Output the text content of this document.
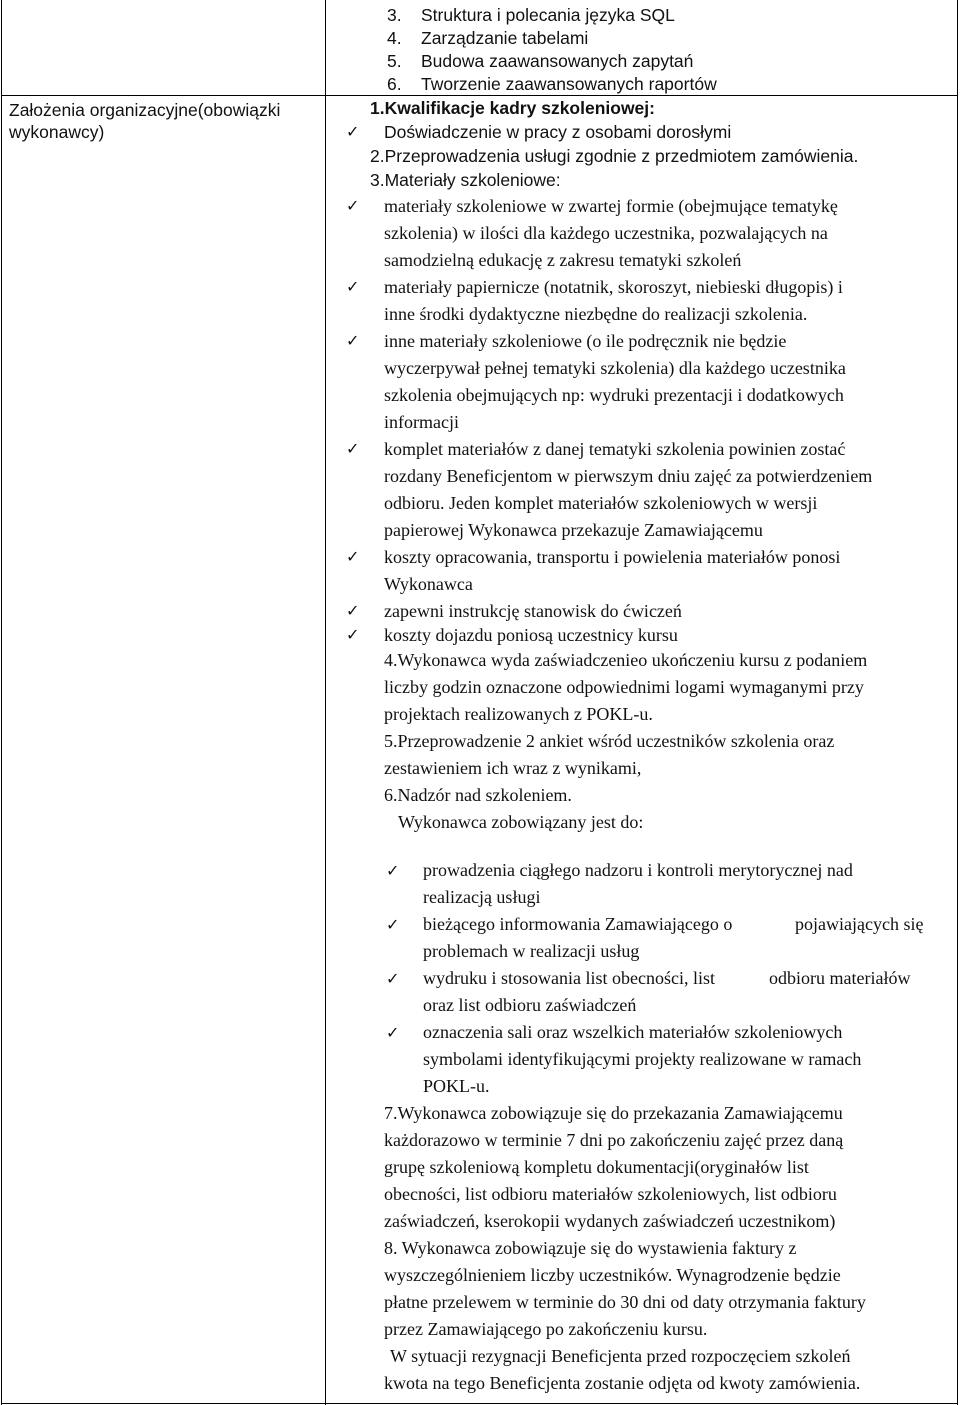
Założenia organizacyjne(obowiązki
wykonawcy)
3. Struktura i polecania języka SQL
4. Zarządzanie tabelami
5. Budowa zaawansowanych zapytań
6. Tworzenie zaawansowanych raportów
1.Kwalifikacje kadry szkoleniowej:
✓ Doświadczenie w pracy z osobami dorosłymi
2.Przeprowadzenia usługi zgodnie z przedmiotem zamówienia.
3.Materiały szkoleniowe:
✓ materiały szkoleniowe w zwartej formie (obejmujące tematykę
szkolenia) w ilości dla każdego uczestnika, pozwalających na
samodzielną edukację z zakresu tematyki szkoleń
✓ materiały papiernicze (notatnik, skoroszyt, niebieski długopis) i
inne środki dydaktyczne niezbędne do realizacji szkolenia.
✓ inne materiały szkoleniowe (o ile podręcznik nie będzie
wyczerpywał pełnej tematyki szkolenia) dla każdego uczestnika
szkolenia obejmujących np: wydruki prezentacji i dodatkowych
informacji
✓ komplet materiałów z danej tematyki szkolenia powinien zostać
rozdany Beneficjentom w pierwszym dniu zajęć za potwierdzeniem
odbioru. Jeden komplet materiałów szkoleniowych w wersji
papierowej Wykonawca przekazuje Zamawiającemu
✓ koszty opracowania, transportu i powielenia materiałów ponosi
Wykonawca
✓ zapewni instrukcję stanowisk do ćwiczeń
✓ koszty dojazdu poniosą uczestnicy kursu
4.Wykonawca wyda zaświadczenieo ukończeniu kursu z podaniem
liczby godzin oznaczone odpowiednimi logami wymaganymi przy
projektach realizowanych z POKL-u.
5.Przeprowadzenie 2 ankiet wśród uczestników szkolenia oraz
zestawieniem ich wraz z wynikami,
6.Nadzór nad szkoleniem.
Wykonawca zobowiązany jest do:
✓ prowadzenia ciągłego nadzoru i kontroli merytorycznej nad
realizacją usługi
✓ bieżącego informowania Zamawiającego o	pojawiających się
problemach w realizacji usług
✓ wydruku i stosowania list obecności, list	odbioru materiałów
oraz list odbioru zaświadczeń
✓ oznaczenia sali oraz wszelkich materiałów szkoleniowych
symbolami identyfikującymi projekty realizowane w ramach
POKL-u.
7.Wykonawca zobowiązuje się do przekazania Zamawiającemu
każdorazowo w terminie 7 dni po zakończeniu zajęć przez daną
grupę szkoleniową kompletu dokumentacji(oryginałów list
obecności, list odbioru materiałów szkoleniowych, list odbioru
zaświadczeń, kserokopii wydanych zaświadczeń uczestnikom)
8. Wykonawca zobowiązuje się do wystawienia faktury z
wyszczególnieniem liczby uczestników. Wynagrodzenie będzie
płatne przelewem w terminie do 30 dni od daty otrzymania faktury
przez Zamawiającego po zakończeniu kursu.
W sytuacji rezygnacji Beneficjenta przed rozpoczęciem szkoleń
kwota na tego Beneficjenta zostanie odjęta od kwoty zamówienia.
